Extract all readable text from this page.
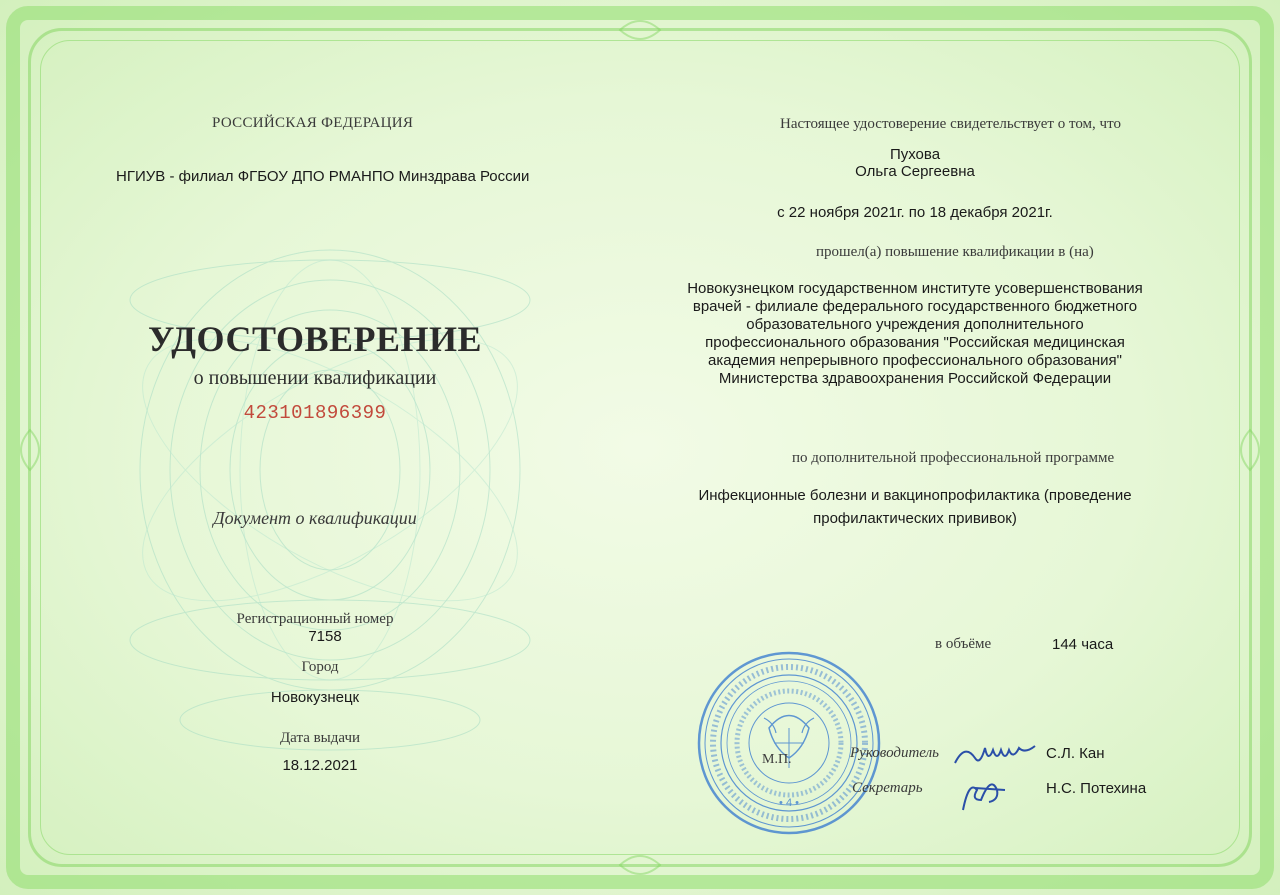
РОССИЙСКАЯ ФЕДЕРАЦИЯ
НГИУВ - филиал ФГБОУ ДПО РМАНПО Минздрава России
УДОСТОВЕРЕНИЕ
о повышении квалификации
423101896399
Документ о квалификации
Регистрационный номер
7158
Город
Новокузнецк
Дата выдачи
18.12.2021
Настоящее удостоверение свидетельствует о том, что
Пухова
Ольга Сергеевна
с 22 ноября 2021г. по 18 декабря 2021г.
прошел(а) повышение квалификации в (на)
Новокузнецком государственном институте усовершенствования
врачей - филиале федерального государственного бюджетного
образовательного учреждения дополнительного
профессионального образования "Российская медицинская
академия непрерывного профессионального образования"
Министерства здравоохранения Российской Федерации
по дополнительной профессиональной программе
Инфекционные болезни и вакцинопрофилактика (проведение
профилактических прививок)
в объёме	144 часа
• 4 •
М.П.	Руководитель	С.Л. Кан
Секретарь	Н.С. Потехина
